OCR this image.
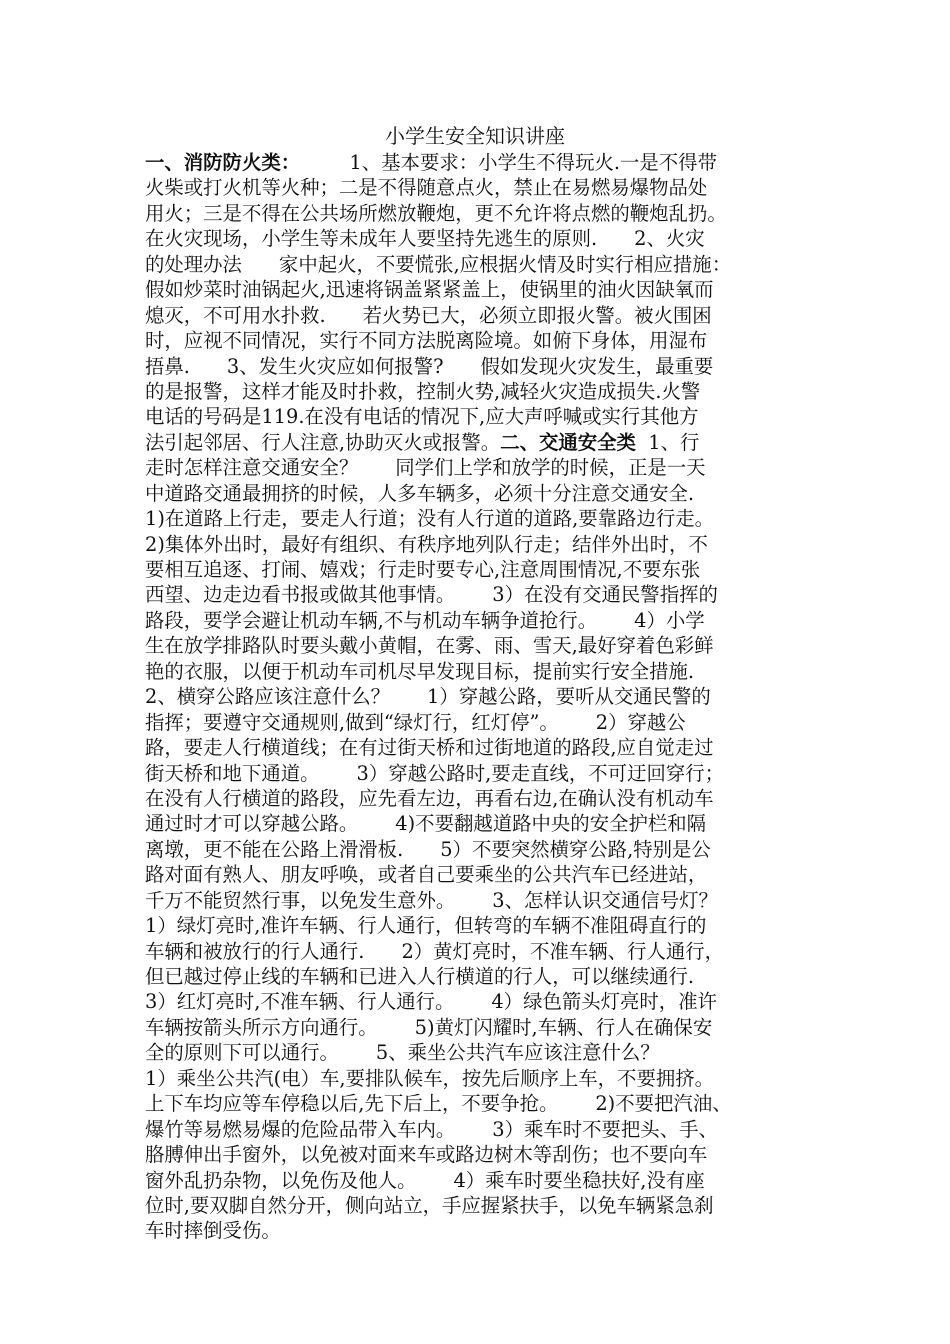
小学生安全知识讲座
一、消防防火类：        1、基本要求：小学生不得玩火.一是不得带
火柴或打火机等火种；二是不得随意点火，禁止在易燃易爆物品处
用火；三是不得在公共场所燃放鞭炮，更不允许将点燃的鞭炮乱扔。
在火灾现场，小学生等未成年人要坚持先逃生的原则.      2、火灾
的处理办法      家中起火，不要慌张,应根据火情及时实行相应措施：
假如炒菜时油锅起火,迅速将锅盖紧紧盖上，使锅里的油火因缺氧而
熄灭，不可用水扑救.      若火势已大，必须立即报火警。被火围困
时，应视不同情况，实行不同方法脱离险境。如俯下身体，用湿布
捂鼻.      3、发生火灾应如何报警?      假如发现火灾发生，最重要
的是报警，这样才能及时扑救，控制火势,减轻火灾造成损失.火警
电话的号码是119.在没有电话的情况下,应大声呼喊或实行其他方
法引起邻居、行人注意,协助灭火或报警。二、交通安全类  1、行
走时怎样注意交通安全？      同学们上学和放学的时候，正是一天
中道路交通最拥挤的时候，人多车辆多，必须十分注意交通安全.
1)在道路上行走，要走人行道；没有人行道的道路,要靠路边行走。
2)集体外出时，最好有组织、有秩序地列队行走；结伴外出时，不
要相互追逐、打闹、嬉戏；行走时要专心,注意周围情况,不要东张
西望、边走边看书报或做其他事情。      3）在没有交通民警指挥的
路段，要学会避让机动车辆,不与机动车辆争道抢行。      4）小学
生在放学排路队时要头戴小黄帽，在雾、雨、雪天,最好穿着色彩鲜
艳的衣服，以便于机动车司机尽早发现目标，提前实行安全措施.
2、横穿公路应该注意什么？      1）穿越公路，要听从交通民警的
指挥；要遵守交通规则,做到“绿灯行，红灯停”。      2）穿越公
路，要走人行横道线；在有过街天桥和过街地道的路段,应自觉走过
街天桥和地下通道。      3）穿越公路时,要走直线，不可迂回穿行；
在没有人行横道的路段，应先看左边，再看右边,在确认没有机动车
通过时才可以穿越公路。      4)不要翻越道路中央的安全护栏和隔
离墩，更不能在公路上滑滑板.      5）不要突然横穿公路,特别是公
路对面有熟人、朋友呼唤，或者自己要乘坐的公共汽车已经进站，
千万不能贸然行事，以免发生意外。      3、怎样认识交通信号灯？
1）绿灯亮时,准许车辆、行人通行，但转弯的车辆不准阻碍直行的
车辆和被放行的行人通行.      2）黄灯亮时，不准车辆、行人通行，
但已越过停止线的车辆和已进入人行横道的行人，可以继续通行.
3）红灯亮时,不准车辆、行人通行。      4）绿色箭头灯亮时，准许
车辆按箭头所示方向通行。      5)黄灯闪耀时,车辆、行人在确保安
全的原则下可以通行。      5、乘坐公共汽车应该注意什么？
1）乘坐公共汽(电）车,要排队候车，按先后顺序上车，不要拥挤。
上下车均应等车停稳以后,先下后上，不要争抢。      2)不要把汽油、
爆竹等易燃易爆的危险品带入车内。      3）乘车时不要把头、手、
胳膊伸出手窗外，以免被对面来车或路边树木等刮伤；也不要向车
窗外乱扔杂物，以免伤及他人。      4）乘车时要坐稳扶好,没有座
位时,要双脚自然分开，侧向站立，手应握紧扶手，以免车辆紧急刹
车时摔倒受伤。
